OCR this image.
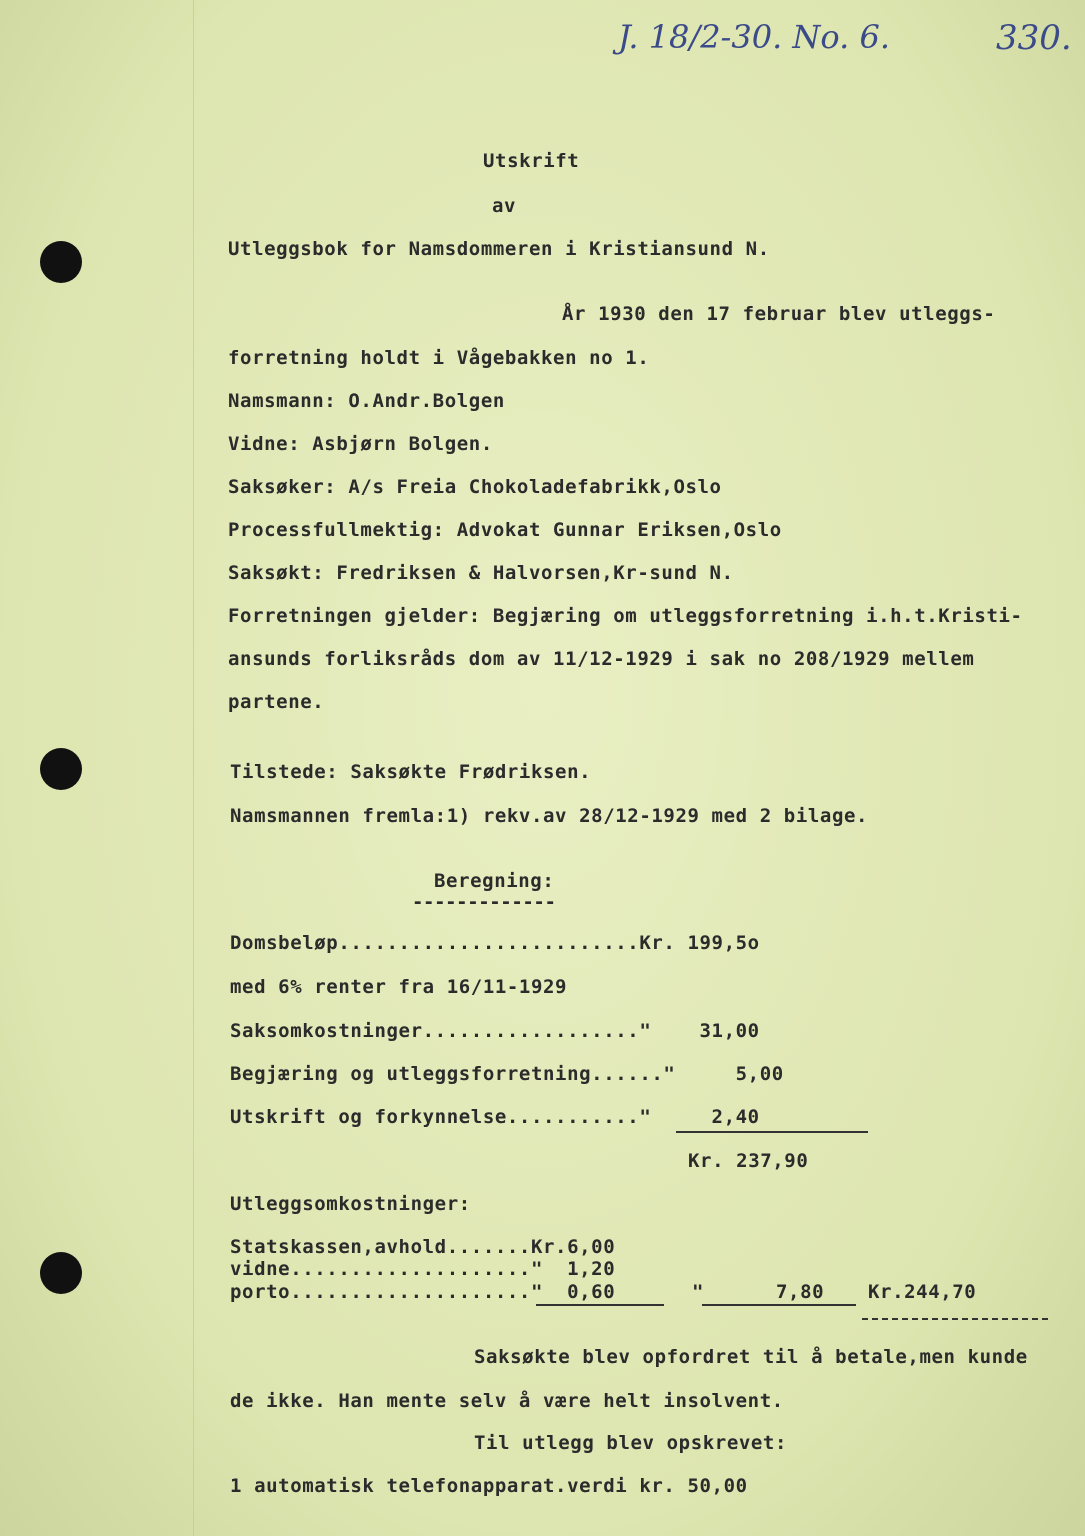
J. 18/2-30. No. 6.	330.
Utskrift
av
Utleggsbok for Namsdommeren i Kristiansund N.
År 1930 den 17 februar blev utleggs-
forretning holdt i Vågebakken no 1.
Namsmann: O.Andr.Bolgen
Vidne: Asbjørn Bolgen.
Saksøker: A/s Freia Chokoladefabrikk,Oslo
Processfullmektig: Advokat Gunnar Eriksen,Oslo
Saksøkt: Fredriksen & Halvorsen,Kr-sund N.
Forretningen gjelder: Begjæring om utleggsforretning i.h.t.Kristi-
ansunds forliksråds dom av 11/12-1929 i sak no 208/1929 mellem
partene.
Tilstede: Saksøkte Frødriksen.
Namsmannen fremla:1) rekv.av 28/12-1929 med 2 bilage.
Beregning:
-------------
Domsbeløp.........................Kr. 199,5o
med 6% renter fra 16/11-1929
Saksomkostninger.................."    31,00
Begjæring og utleggsforretning......"     5,00
Utskrift og forkynnelse..........."     2,40
Kr. 237,90
Utleggsomkostninger:
Statskassen,avhold.......Kr.6,00
vidne...................."  1,20
porto...................."  0,60	"	7,80 Kr.244,70
Saksøkte blev opfordret til å betale,men kunde
de ikke. Han mente selv å være helt insolvent.
Til utlegg blev opskrevet:
1 automatisk telefonapparat.verdi kr. 50,00
